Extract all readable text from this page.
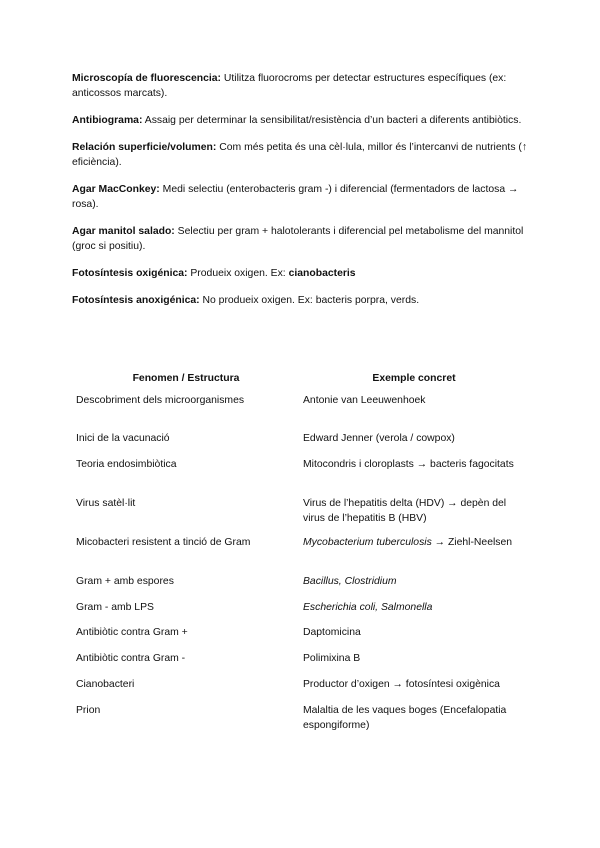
Microscopía de fluorescencia: Utilitza fluorocroms per detectar estructures específiques (ex: anticossos marcats).

Antibiograma: Assaig per determinar la sensibilitat/resistència d’un bacteri a diferents antibiòtics.

Relación superficie/volumen: Com més petita és una cèl·lula, millor és l’intercanvi de nutrients (↑ eficiència).

Agar MacConkey: Medi selectiu (enterobacteris gram -) i diferencial (fermentadors de lactosa → rosa).

Agar manitol salado: Selectiu per gram + halotolerants i diferencial pel metabolisme del mannitol (groc si positiu).

Fotosíntesis oxigénica: Produeix oxigen. Ex: cianobacteris

Fotosíntesis anoxigénica: No produeix oxigen. Ex: bacteris porpra, verds.

Fenomen / Estructura	Exemple concret
Descobriment dels microorganismes	Antonie van Leeuwenhoek
Inici de la vacunació	Edward Jenner (verola / cowpox)
Teoria endosimbiòtica	Mitocondris i cloroplasts → bacteris fagocitats
Virus satèl·lit	Virus de l’hepatitis delta (HDV) → depèn del virus de l’hepatitis B (HBV)
Micobacteri resistent a tinció de Gram	Mycobacterium tuberculosis → Ziehl-Neelsen
Gram + amb espores	Bacillus, Clostridium
Gram - amb LPS	Escherichia coli, Salmonella
Antibiòtic contra Gram +	Daptomicina
Antibiòtic contra Gram -	Polimixina B
Cianobacteri	Productor d’oxigen → fotosíntesi oxigènica
Prion	Malaltia de les vaques boges (Encefalopatia espongiforme)
